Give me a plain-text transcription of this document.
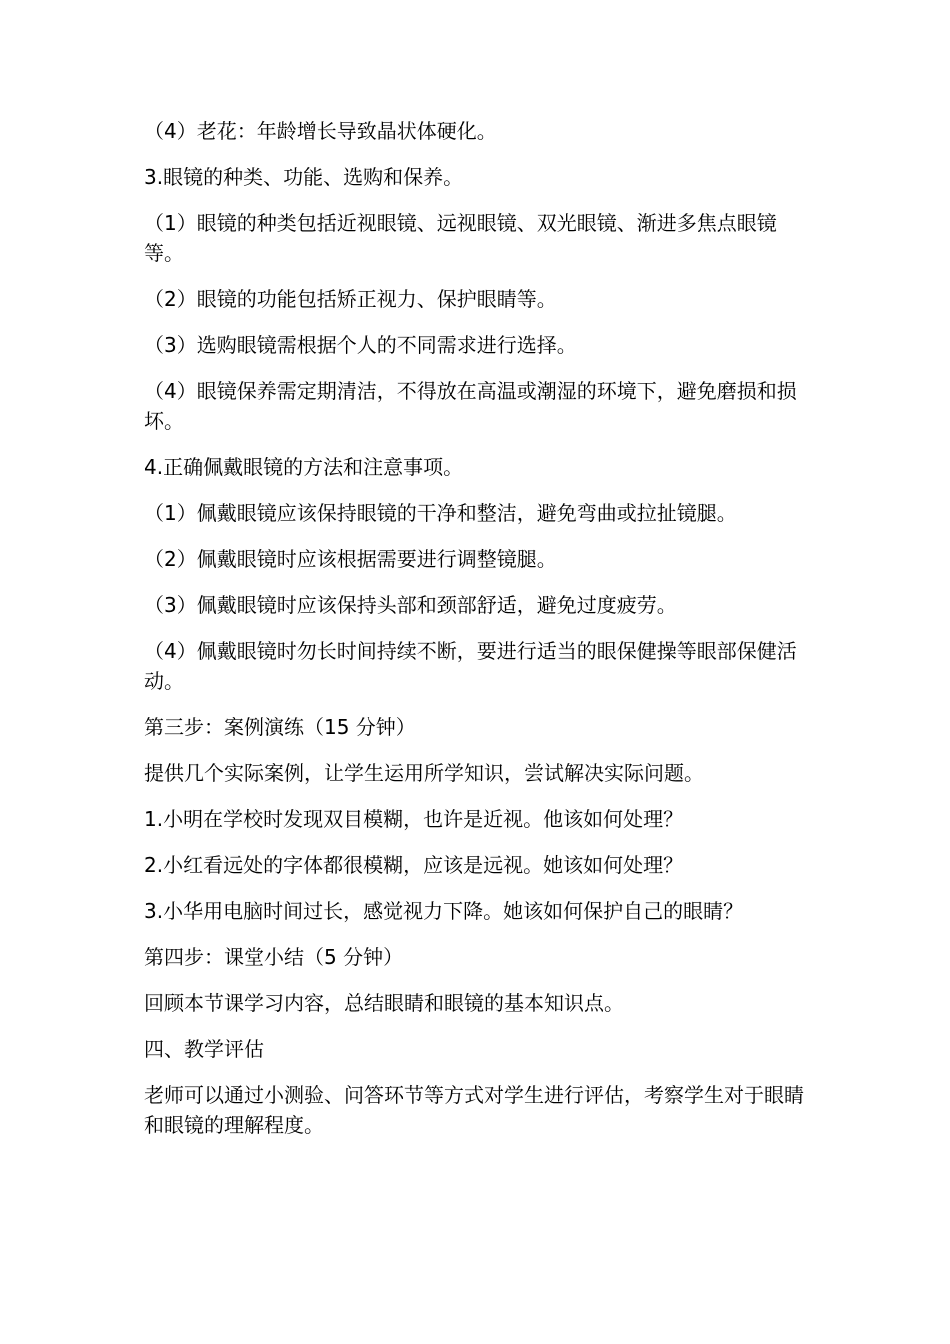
（4）老花：年龄增长导致晶状体硬化。

3.眼镜的种类、功能、选购和保养。

（1）眼镜的种类包括近视眼镜、远视眼镜、双光眼镜、渐进多焦点眼镜等。

（2）眼镜的功能包括矫正视力、保护眼睛等。

（3）选购眼镜需根据个人的不同需求进行选择。

（4）眼镜保养需定期清洁，不得放在高温或潮湿的环境下，避免磨损和损坏。

4.正确佩戴眼镜的方法和注意事项。

（1）佩戴眼镜应该保持眼镜的干净和整洁，避免弯曲或拉扯镜腿。

（2）佩戴眼镜时应该根据需要进行调整镜腿。

（3）佩戴眼镜时应该保持头部和颈部舒适，避免过度疲劳。

（4）佩戴眼镜时勿长时间持续不断，要进行适当的眼保健操等眼部保健活动。

第三步：案例演练（15 分钟）

提供几个实际案例，让学生运用所学知识，尝试解决实际问题。

1.小明在学校时发现双目模糊，也许是近视。他该如何处理？

2.小红看远处的字体都很模糊，应该是远视。她该如何处理？

3.小华用电脑时间过长，感觉视力下降。她该如何保护自己的眼睛？

第四步：课堂小结（5 分钟）

回顾本节课学习内容，总结眼睛和眼镜的基本知识点。

四、教学评估

老师可以通过小测验、问答环节等方式对学生进行评估，考察学生对于眼睛和眼镜的理解程度。
